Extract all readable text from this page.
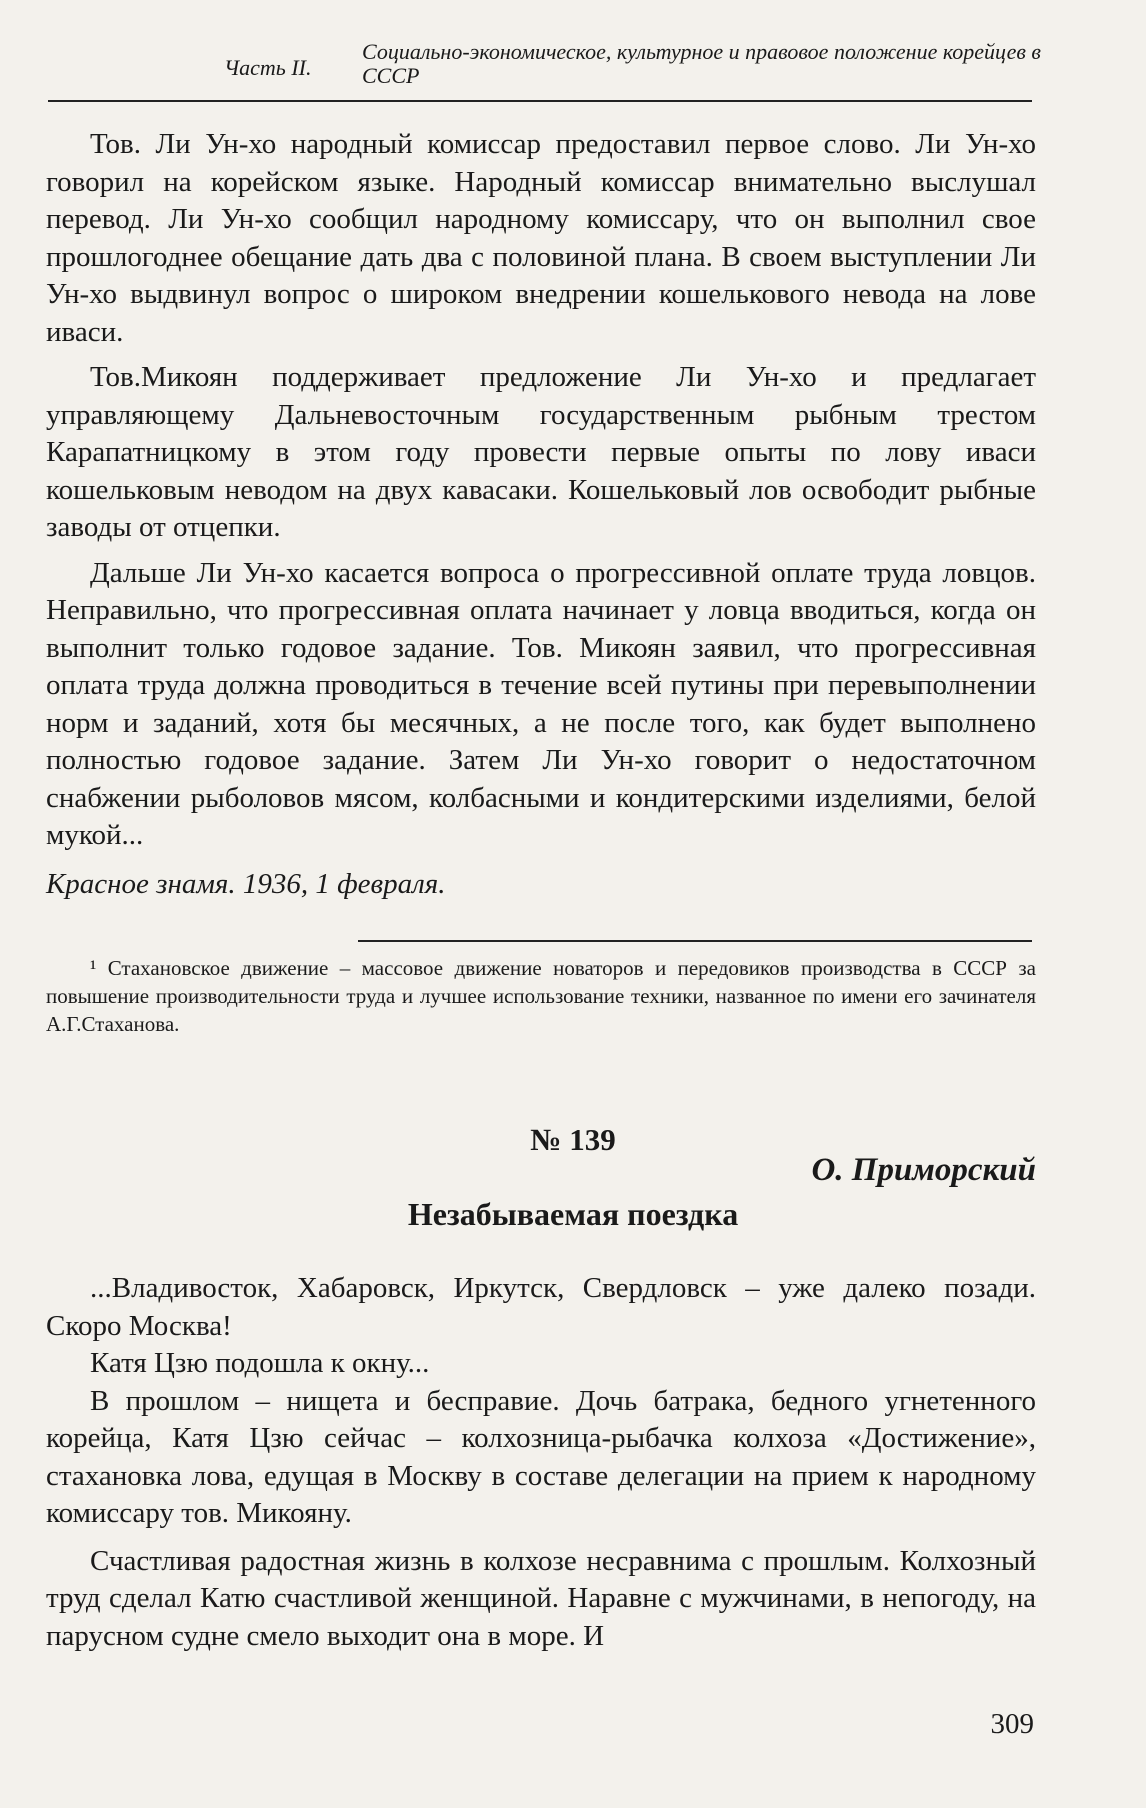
Часть II.
Социально-экономическое, культурное и правовое положение корейцев в СССР

Тов. Ли Ун-хо народный комиссар предоставил первое слово. Ли Ун-хо говорил на корейском языке. Народный комиссар внимательно выслушал перевод. Ли Ун-хо сообщил народному комиссару, что он выполнил свое прошлогоднее обещание дать два с половиной плана. В своем выступлении Ли Ун-хо выдвинул вопрос о широком внедрении кошелькового невода на лове иваси.

Тов.Микоян поддерживает предложение Ли Ун-хо и предлагает управляющему Дальневосточным государственным рыбным трестом Карапатницкому в этом году провести первые опыты по лову иваси кошельковым неводом на двух кавасаки. Кошельковый лов освободит рыбные заводы от отцепки.

Дальше Ли Ун-хо касается вопроса о прогрессивной оплате труда ловцов. Неправильно, что прогрессивная оплата начинает у ловца вводиться, когда он выполнит только годовое задание. Тов. Микоян заявил, что прогрессивная оплата труда должна проводиться в течение всей путины при перевыполнении норм и заданий, хотя бы месячных, а не после того, как будет выполнено полностью годовое задание. Затем Ли Ун-хо говорит о недостаточном снабжении рыболовов мясом, колбасными и кондитерскими изделиями, белой мукой...

Красное знамя. 1936, 1 февраля.

¹ Стахановское движение – массовое движение новаторов и передовиков производства в СССР за повышение производительности труда и лучшее использование техники, названное по имени его зачинателя А.Г.Стаханова.

№ 139
О. Приморский
Незабываемая поездка

...Владивосток, Хабаровск, Иркутск, Свердловск – уже далеко позади. Скоро Москва!

Катя Цзю подошла к окну...

В прошлом – нищета и бесправие. Дочь батрака, бедного угнетенного корейца, Катя Цзю сейчас – колхозница-рыбачка колхоза «Достижение», стахановка лова, едущая в Москву в составе делегации на прием к народному комиссару тов. Микояну.

Счастливая радостная жизнь в колхозе несравнима с прошлым. Колхозный труд сделал Катю счастливой женщиной. Наравне с мужчинами, в непогоду, на парусном судне смело выходит она в море. И

309
